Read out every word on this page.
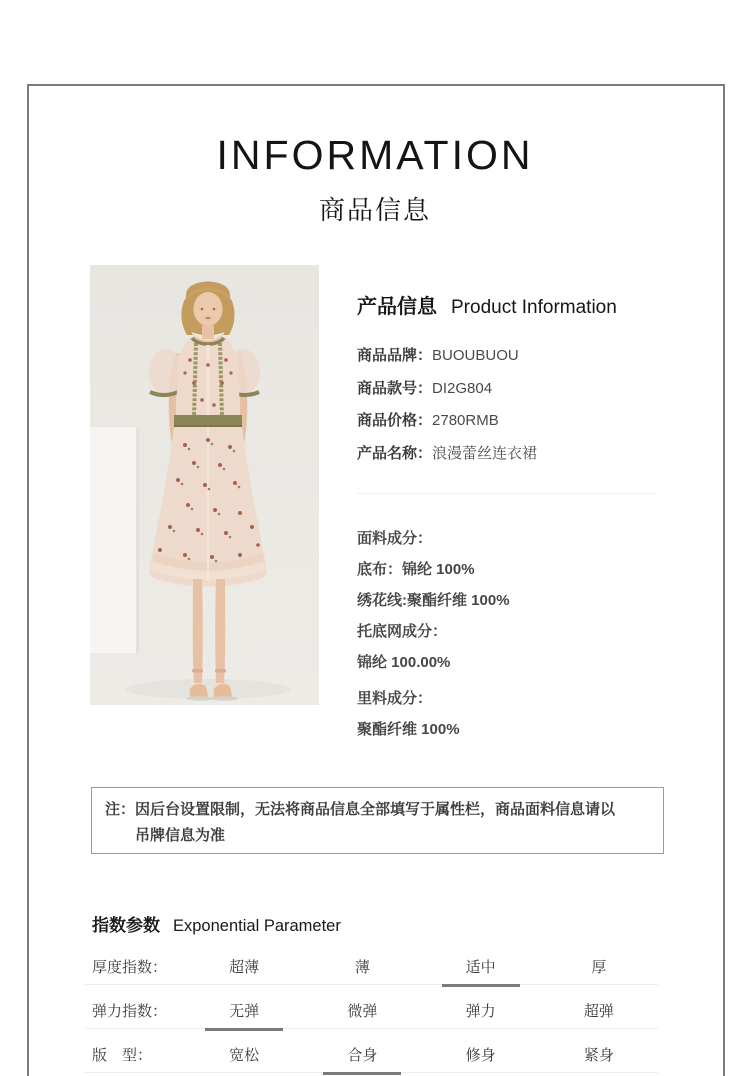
INFORMATION
商品信息
产品信息 Product Information
商品品牌：BUOUBUOU
商品款号：DI2G804
商品价格：2780RMB
产品名称：浪漫蕾丝连衣裙
面料成分：
底布：锦纶 100%
绣花线:聚酯纤维 100%
托底网成分：
锦纶 100.00%
里料成分：
聚酯纤维 100%
注： 因后台设置限制，无法将商品信息全部填写于属性栏，商品面料信息请以
吊牌信息为准
指数参数 Exponential Parameter
厚度指数：	超薄	薄	适中	厚
弹力指数：	无弹	微弹	弹力	超弹
版　型：	宽松	合身	修身	紧身
